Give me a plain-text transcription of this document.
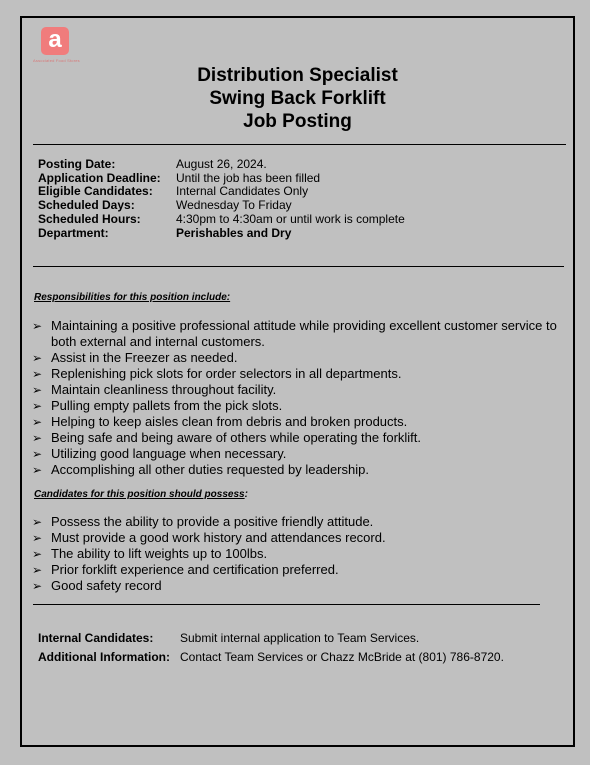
a
Associated Food Stores
Distribution Specialist
Swing Back Forklift
Job Posting
Posting Date:	August 26, 2024.
Application Deadline:	Until the job has been filled
Eligible Candidates:	Internal Candidates Only
Scheduled Days:	Wednesday To Friday
Scheduled Hours:	4:30pm to 4:30am or until work is complete
Department:	Perishables and Dry
Responsibilities for this position include:
➢ Maintaining a positive professional attitude while providing excellent customer service to both external and internal customers.
➢ Assist in the Freezer as needed.
➢ Replenishing pick slots for order selectors in all departments.
➢ Maintain cleanliness throughout facility.
➢ Pulling empty pallets from the pick slots.
➢ Helping to keep aisles clean from debris and broken products.
➢ Being safe and being aware of others while operating the forklift.
➢ Utilizing good language when necessary.
➢ Accomplishing all other duties requested by leadership.
Candidates for this position should possess:
➢ Possess the ability to provide a positive friendly attitude.
➢ Must provide a good work history and attendances record.
➢ The ability to lift weights up to 100lbs.
➢ Prior forklift experience and certification preferred.
➢ Good safety record
Internal Candidates:	Submit internal application to Team Services.
Additional Information: Contact Team Services or Chazz McBride at (801) 786-8720.
